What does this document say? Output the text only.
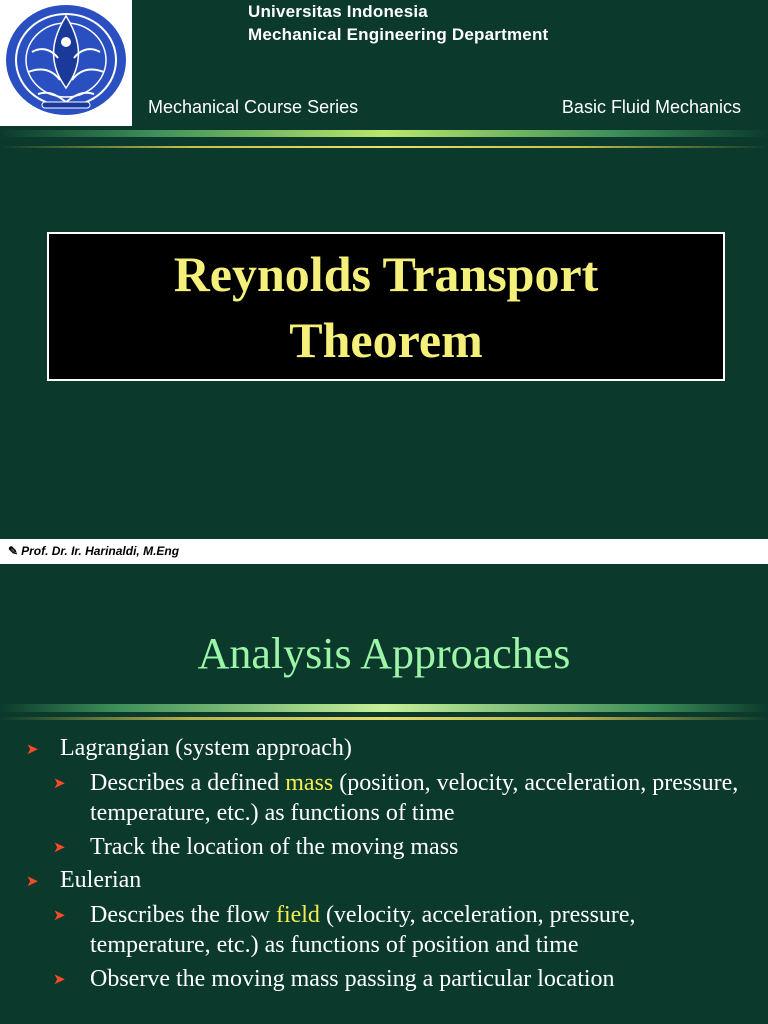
Universitas Indonesia
Mechanical Engineering Department
Mechanical Course Series	Basic Fluid Mechanics
Reynolds Transport
Theorem
✎ Prof. Dr. Ir. Harinaldi, M.Eng
Analysis Approaches
➤ Lagrangian (system approach)
➤ Describes a defined mass (position, velocity, acceleration, pressure, temperature, etc.) as functions of time
➤ Track the location of the moving mass
➤ Eulerian
➤ Describes the flow field (velocity, acceleration, pressure, temperature, etc.) as functions of position and time
➤ Observe the moving mass passing a particular location
